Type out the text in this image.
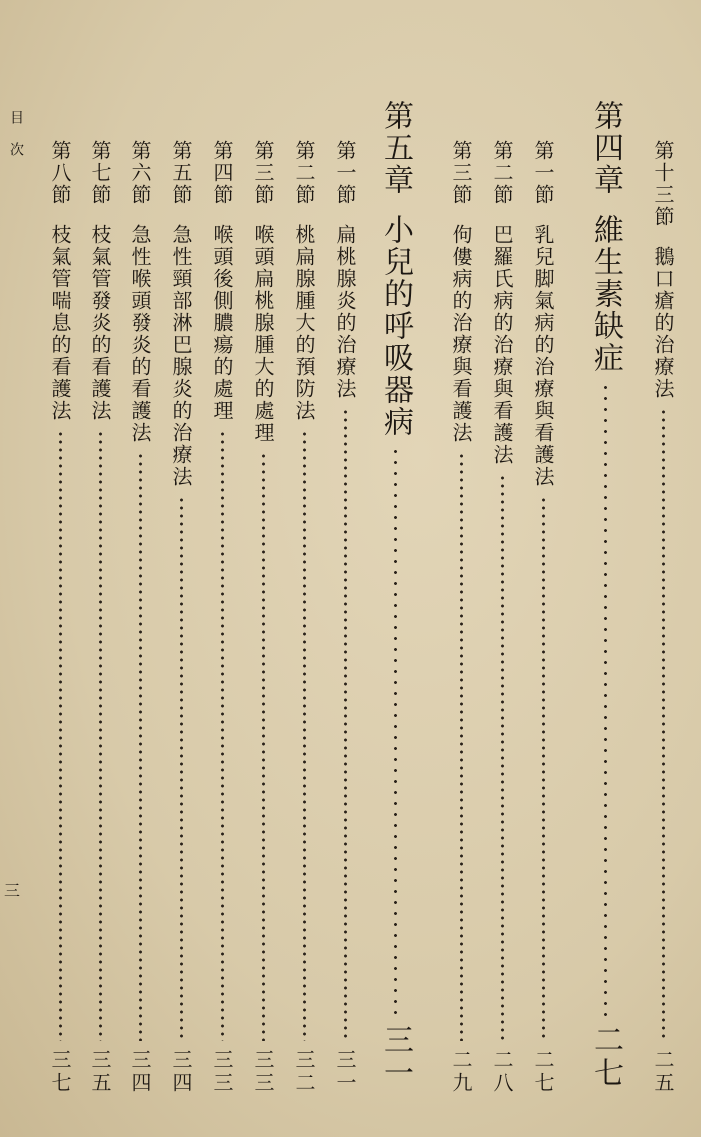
目次
三
第十三節
鵝口瘡的治療法
二五
第四章
維生素缺症
二七
第一節
乳兒脚氣病的治療與看護法
二七
第二節
巴羅氏病的治療與看護法
二八
第三節
佝僂病的治療與看護法
二九
第五章
小兒的呼吸器病
三一
第一節
扁桃腺炎的治療法
三一
第二節
桃扁腺腫大的預防法
三二
第三節
喉頭扁桃腺腫大的處理
三三
第四節
喉頭後側膿瘍的處理
三三
第五節
急性頸部淋巴腺炎的治療法
三四
第六節
急性喉頭發炎的看護法
三四
第七節
枝氣管發炎的看護法
三五
第八節
枝氣管喘息的看護法
三七
